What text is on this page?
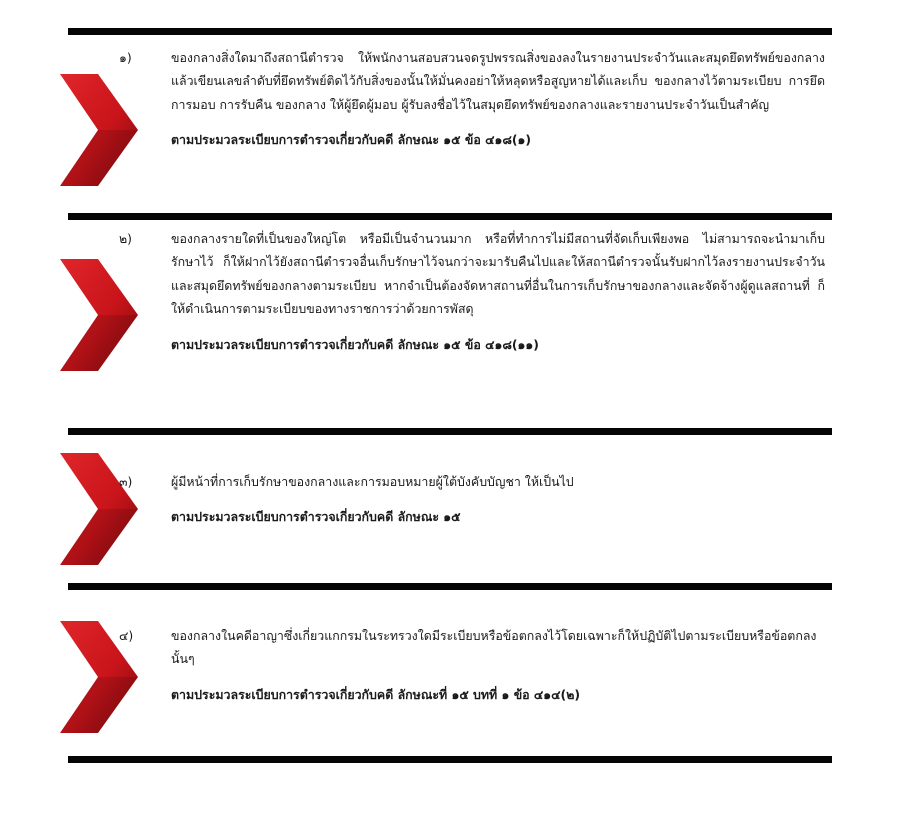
๑)	ของกลางสิ่งใดมาถึงสถานีตำรวจ ให้พนักงานสอบสวนจดรูปพรรณสิ่งของลงในรายงานประจำวันและสมุดยึดทรัพย์ของกลาง แล้วเขียนเลขลำดับที่ยึดทรัพย์ติดไว้กับสิ่งของนั้นให้มั่นคงอย่าให้หลุดหรือสูญหายได้และเก็บ ของกลางไว้ตามระเบียบ การยึด การมอบ การรับคืน ของกลาง ให้ผู้ยึดผู้มอบ ผู้รับลงชื่อไว้ในสมุดยึดทรัพย์ของกลางและรายงานประจำวันเป็นสำคัญ

ตามประมวลระเบียบการตำรวจเกี่ยวกับคดี ลักษณะ ๑๕ ข้อ ๔๑๘(๑)

๒)	ของกลางรายใดที่เป็นของใหญ่โต หรือมีเป็นจำนวนมาก หรือที่ทำการไม่มีสถานที่จัดเก็บเพียงพอ ไม่สามารถจะนำมาเก็บรักษาไว้ ก็ให้ฝากไว้ยังสถานีตำรวจอื่นเก็บรักษาไว้จนกว่าจะมารับคืนไปและให้สถานีตำรวจนั้นรับฝากไว้ลงรายงานประจำวันและสมุดยึดทรัพย์ของกลางตามระเบียบ หากจำเป็นต้องจัดหาสถานที่อื่นในการเก็บรักษาของกลางและจัดจ้างผู้ดูแลสถานที่ ก็ให้ดำเนินการตามระเบียบของทางราชการว่าด้วยการพัสดุ

ตามประมวลระเบียบการตำรวจเกี่ยวกับคดี ลักษณะ ๑๕ ข้อ ๔๑๘(๑๑)

๓)	ผู้มีหน้าที่การเก็บรักษาของกลางและการมอบหมายผู้ใต้บังคับบัญชา ให้เป็นไป

ตามประมวลระเบียบการตำรวจเกี่ยวกับคดี ลักษณะ ๑๕

๔)	ของกลางในคดีอาญาซึ่งเกี่ยวแกกรมในระทรวงใดมีระเบียบหรือข้อตกลงไว้โดยเฉพาะก็ให้ปฏิบัติไปตามระเบียบหรือข้อตกลงนั้นๆ

ตามประมวลระเบียบการตำรวจเกี่ยวกับคดี ลักษณะที่ ๑๕ บทที่ ๑ ข้อ ๔๑๔(๒)
